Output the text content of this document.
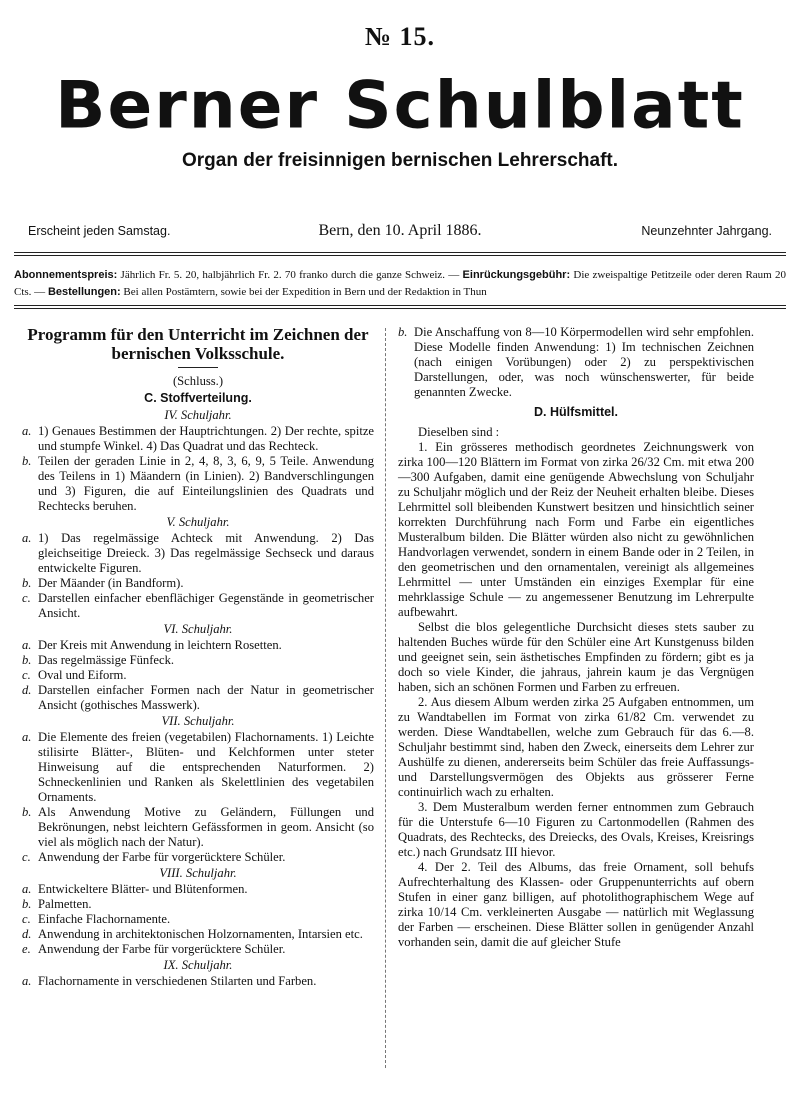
№ 15.
Berner Schulblatt
Organ der freisinnigen bernischen Lehrerschaft.
Erscheint jeden Samstag.	Bern, den 10. April 1886.	Neunzehnter Jahrgang.
Abonnementspreis: Jährlich Fr. 5. 20, halbjährlich Fr. 2. 70 franko durch die ganze Schweiz. — Einrückungsgebühr: Die zweispaltige Petitzeile oder deren Raum 20 Cts. — Bestellungen: Bei allen Postämtern, sowie bei der Expedition in Bern und der Redaktion in Thun
Programm für den Unterricht im Zeichnen der bernischen Volksschule.

(Schluss.)

C. Stoffverteilung.
IV. Schuljahr.
a. 1) Genaues Bestimmen der Hauptrichtungen. 2) Der rechte, spitze und stumpfe Winkel. 4) Das Quadrat und das Rechteck.
b. Teilen der geraden Linie in 2, 4, 8, 3, 6, 9, 5 Teile. Anwendung des Teilens in 1) Mäandern (in Linien). 2) Bandverschlingungen und 3) Figuren, die auf Einteilungslinien des Quadrats und Rechtecks beruhen.
V. Schuljahr.
a. 1) Das regelmässige Achteck mit Anwendung. 2) Das gleichseitige Dreieck. 3) Das regelmässige Sechseck und daraus entwickelte Figuren.
b. Der Mäander (in Bandform).
c. Darstellen einfacher ebenflächiger Gegenstände in geometrischer Ansicht.
VI. Schuljahr.
a. Der Kreis mit Anwendung in leichtern Rosetten.
b. Das regelmässige Fünfeck.
c. Oval und Eiform.
d. Darstellen einfacher Formen nach der Natur in geometrischer Ansicht (gothisches Masswerk).
VII. Schuljahr.
a. Die Elemente des freien (vegetabilen) Flachornaments. 1) Leichte stilisirte Blätter-, Blüten- und Kelchformen unter steter Hinweisung auf die entsprechenden Naturformen. 2) Schneckenlinien und Ranken als Skelettlinien des vegetabilen Ornaments.
b. Als Anwendung Motive zu Geländern, Füllungen und Bekrönungen, nebst leichtern Gefässformen in geom. Ansicht (so viel als möglich nach der Natur).
c. Anwendung der Farbe für vorgerücktere Schüler.
VIII. Schuljahr.
a. Entwickeltere Blätter- und Blütenformen.
b. Palmetten.
c. Einfache Flachornamente.
d. Anwendung in architektonischen Holzornamenten, Intarsien etc.
e. Anwendung der Farbe für vorgerücktere Schüler.
IX. Schuljahr.
a. Flachornamente in verschiedenen Stilarten und Farben.
b. Die Anschaffung von 8—10 Körpermodellen wird sehr empfohlen. Diese Modelle finden Anwendung: 1) Im technischen Zeichnen (nach einigen Vorübungen) oder 2) zu perspektivischen Darstellungen, oder, was noch wünschenswerter, für beide genannten Zwecke.
D. Hülfsmittel.

Dieselben sind :

1. Ein grösseres methodisch geordnetes Zeichnungswerk von zirka 100—120 Blättern im Format von zirka 26/32 Cm. mit etwa 200—300 Aufgaben, damit eine genügende Abwechslung von Schuljahr zu Schuljahr möglich und der Reiz der Neuheit erhalten bleibe. Dieses Lehrmittel soll bleibenden Kunstwert besitzen und hinsichtlich seiner korrekten Durchführung nach Form und Farbe ein eigentliches Musteralbum bilden. Die Blätter würden also nicht zu gewöhnlichen Handvorlagen verwendet, sondern in einem Bande oder in 2 Teilen, in den geometrischen und den ornamentalen, vereinigt als allgemeines Lehrmittel — unter Umständen ein einziges Exemplar für eine mehrklassige Schule — zu angemessener Benutzung im Lehrerpulte aufbewahrt.

Selbst die blos gelegentliche Durchsicht dieses stets sauber zu haltenden Buches würde für den Schüler eine Art Kunstgenuss bilden und geeignet sein, sein ästhetisches Empfinden zu fördern; gibt es ja doch so viele Kinder, die jahraus, jahrein kaum je das Vergnügen haben, sich an schönen Formen und Farben zu erfreuen.

2. Aus diesem Album werden zirka 25 Aufgaben entnommen, um zu Wandtabellen im Format von zirka 61/82 Cm. verwendet zu werden. Diese Wandtabellen, welche zum Gebrauch für das 6.—8. Schuljahr bestimmt sind, haben den Zweck, einerseits dem Lehrer zur Aushülfe zu dienen, andererseits beim Schüler das freie Auffassungs- und Darstellungsvermögen des Objekts aus grösserer Ferne continuirlich wach zu erhalten.

3. Dem Musteralbum werden ferner entnommen zum Gebrauch für die Unterstufe 6—10 Figuren zu Cartonmodellen (Rahmen des Quadrats, des Rechtecks, des Dreiecks, des Ovals, Kreises, Kreisrings etc.) nach Grundsatz III hievor.

4. Der 2. Teil des Albums, das freie Ornament, soll behufs Aufrechterhaltung des Klassen- oder Gruppenunterrichts auf obern Stufen in einer ganz billigen, auf photolithographischem Wege auf zirka 10/14 Cm. verkleinerten Ausgabe — natürlich mit Weglassung der Farben — erscheinen. Diese Blätter sollen in genügender Anzahl vorhanden sein, damit die auf gleicher Stufe
